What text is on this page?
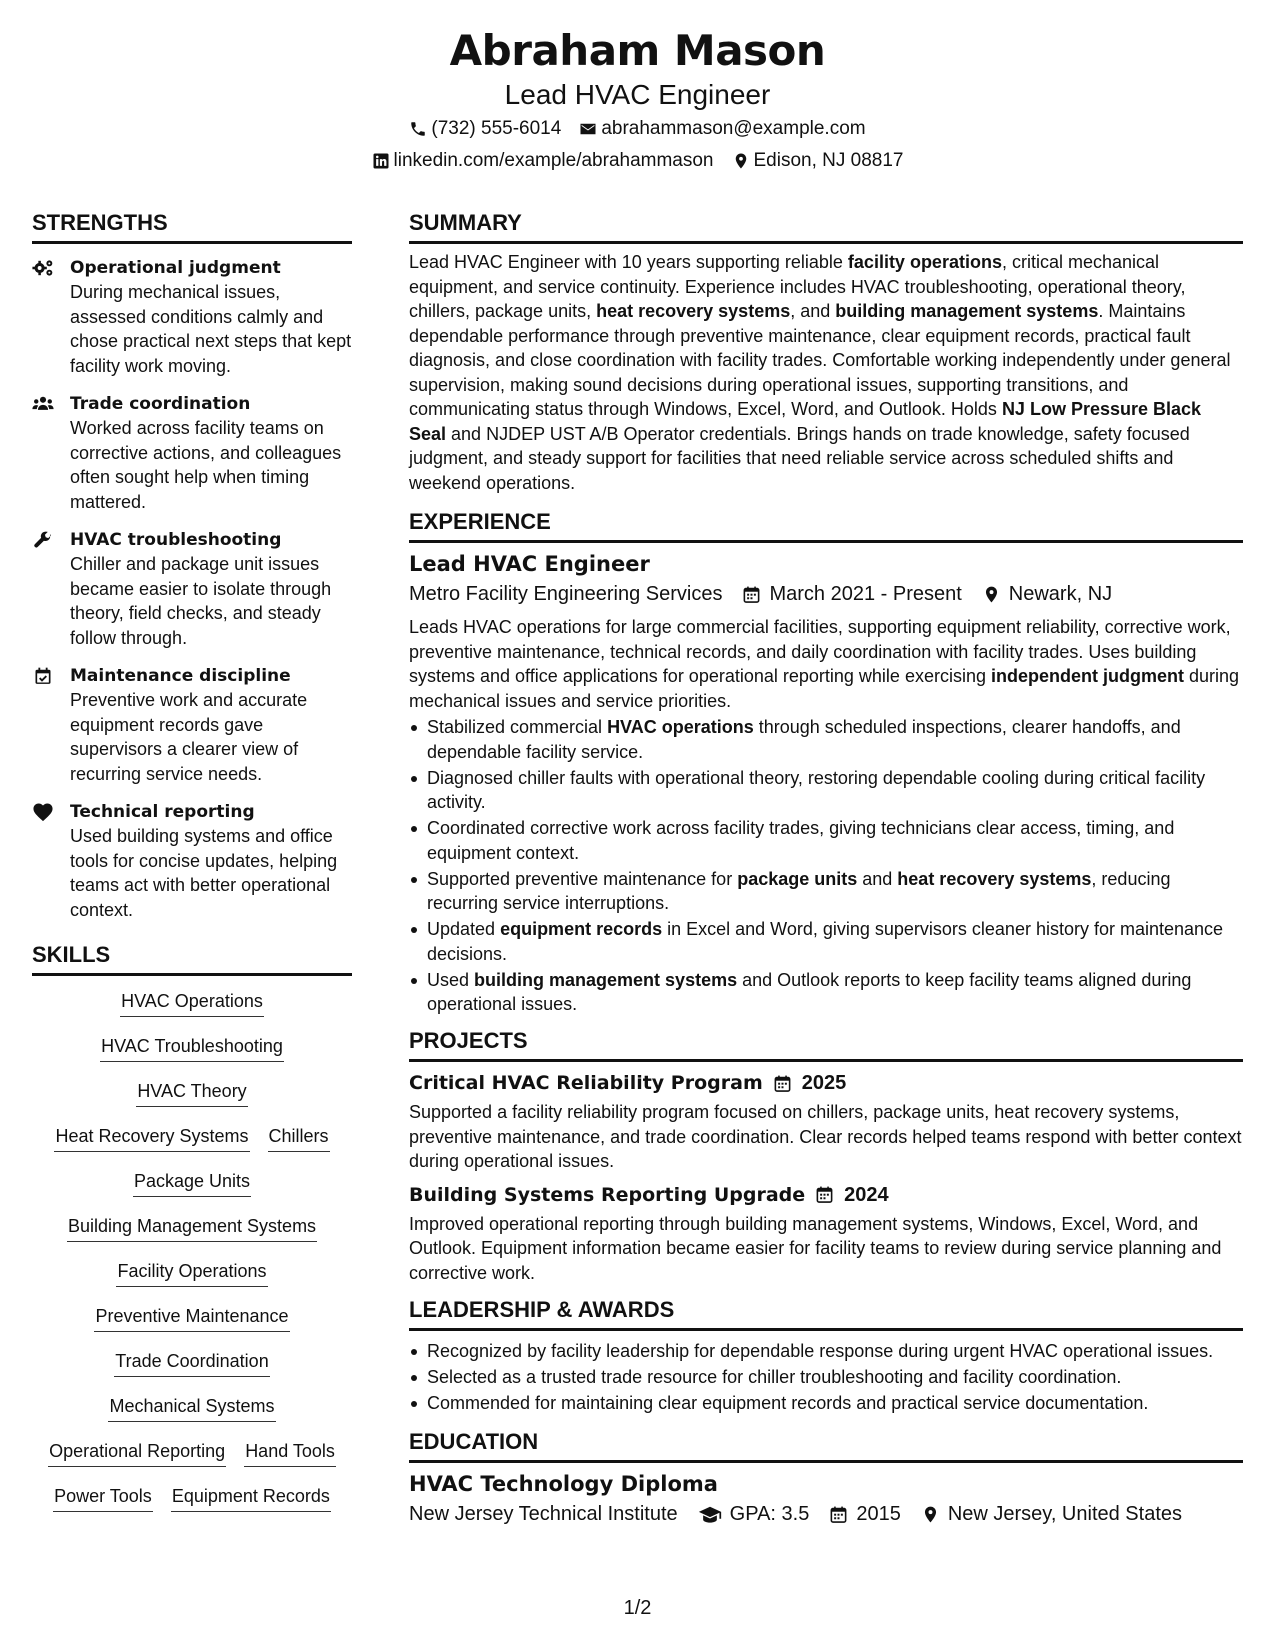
Abraham Mason
Lead HVAC Engineer
(732) 555-6014 abrahammason@example.com
linkedin.com/example/abrahammason Edison, NJ 08817
STRENGTHS
Operational judgment
During mechanical issues, assessed conditions calmly and chose practical next steps that kept facility work moving.
Trade coordination
Worked across facility teams on corrective actions, and colleagues often sought help when timing mattered.
HVAC troubleshooting
Chiller and package unit issues became easier to isolate through theory, field checks, and steady follow through.
Maintenance discipline
Preventive work and accurate equipment records gave supervisors a clearer view of recurring service needs.
Technical reporting
Used building systems and office tools for concise updates, helping teams act with better operational context.
SKILLS
HVAC Operations
HVAC Troubleshooting
HVAC Theory
Heat Recovery Systems Chillers
Package Units
Building Management Systems
Facility Operations
Preventive Maintenance
Trade Coordination
Mechanical Systems
Operational Reporting Hand Tools
Power Tools Equipment Records
SUMMARY
Lead HVAC Engineer with 10 years supporting reliable facility operations, critical mechanical equipment, and service continuity. Experience includes HVAC troubleshooting, operational theory, chillers, package units, heat recovery systems, and building management systems. Maintains dependable performance through preventive maintenance, clear equipment records, practical fault diagnosis, and close coordination with facility trades. Comfortable working independently under general supervision, making sound decisions during operational issues, supporting transitions, and communicating status through Windows, Excel, Word, and Outlook. Holds NJ Low Pressure Black Seal and NJDEP UST A/B Operator credentials. Brings hands on trade knowledge, safety focused judgment, and steady support for facilities that need reliable service across scheduled shifts and weekend operations.
EXPERIENCE
Lead HVAC Engineer
Metro Facility Engineering Services March 2021 - Present Newark, NJ
Leads HVAC operations for large commercial facilities, supporting equipment reliability, corrective work, preventive maintenance, technical records, and daily coordination with facility trades. Uses building systems and office applications for operational reporting while exercising independent judgment during mechanical issues and service priorities.
Stabilized commercial HVAC operations through scheduled inspections, clearer handoffs, and dependable facility service.
Diagnosed chiller faults with operational theory, restoring dependable cooling during critical facility activity.
Coordinated corrective work across facility trades, giving technicians clear access, timing, and equipment context.
Supported preventive maintenance for package units and heat recovery systems, reducing recurring service interruptions.
Updated equipment records in Excel and Word, giving supervisors cleaner history for maintenance decisions.
Used building management systems and Outlook reports to keep facility teams aligned during operational issues.
PROJECTS
Critical HVAC Reliability Program 2025
Supported a facility reliability program focused on chillers, package units, heat recovery systems, preventive maintenance, and trade coordination. Clear records helped teams respond with better context during operational issues.
Building Systems Reporting Upgrade 2024
Improved operational reporting through building management systems, Windows, Excel, Word, and Outlook. Equipment information became easier for facility teams to review during service planning and corrective work.
LEADERSHIP & AWARDS
Recognized by facility leadership for dependable response during urgent HVAC operational issues.
Selected as a trusted trade resource for chiller troubleshooting and facility coordination.
Commended for maintaining clear equipment records and practical service documentation.
EDUCATION
HVAC Technology Diploma
New Jersey Technical Institute	GPA: 3.5 2015 New Jersey, United States
1/2
